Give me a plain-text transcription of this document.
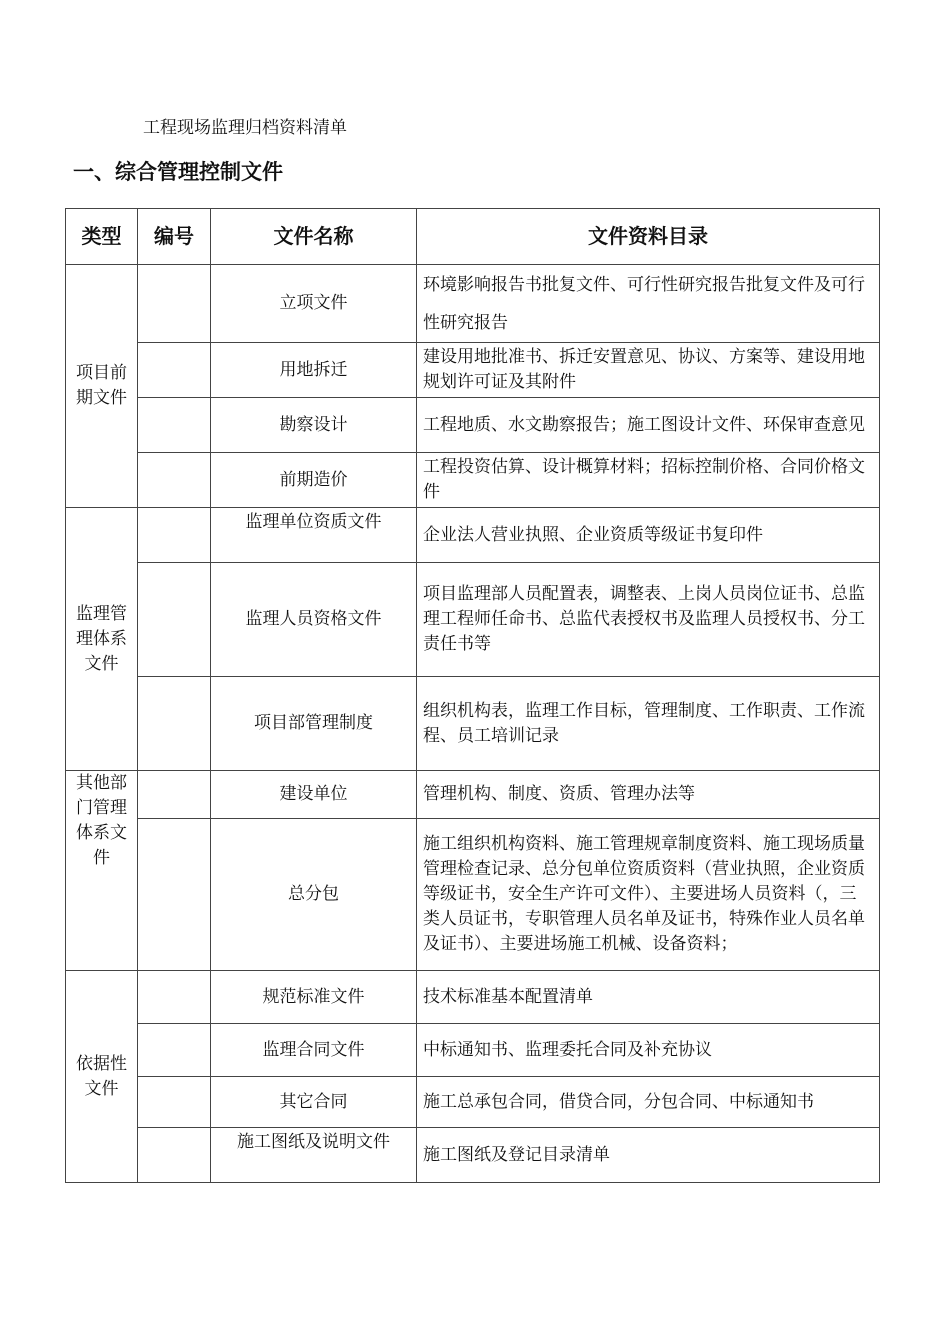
工程现场监理归档资料清单
一、综合管理控制文件
类型	编号	文件名称	文件资料目录
项目前期文件		立项文件	环境影响报告书批复文件、可行性研究报告批复文件及可行性研究报告
		用地拆迁	建设用地批准书、拆迁安置意见、协议、方案等、建设用地规划许可证及其附件
		勘察设计	工程地质、水文勘察报告；施工图设计文件、环保审查意见
		前期造价	工程投资估算、设计概算材料；招标控制价格、合同价格文件
监理管理体系文件		监理单位资质文件	企业法人营业执照、企业资质等级证书复印件
		监理人员资格文件	项目监理部人员配置表，调整表、上岗人员岗位证书、总监理工程师任命书、总监代表授权书及监理人员授权书、分工责任书等
		项目部管理制度	组织机构表，监理工作目标，管理制度、工作职责、工作流程、员工培训记录
其他部门管理体系文件		建设单位	管理机构、制度、资质、管理办法等
		总分包	施工组织机构资料、施工管理规章制度资料、施工现场质量管理检查记录、总分包单位资质资料（营业执照，企业资质等级证书，安全生产许可文件）、主要进场人员资料（，三类人员证书，专职管理人员名单及证书，特殊作业人员名单及证书）、主要进场施工机械、设备资料；
依据性文件		规范标准文件	技术标准基本配置清单
		监理合同文件	中标通知书、监理委托合同及补充协议
		其它合同	施工总承包合同，借贷合同，分包合同、中标通知书
		施工图纸及说明文件	施工图纸及登记目录清单
